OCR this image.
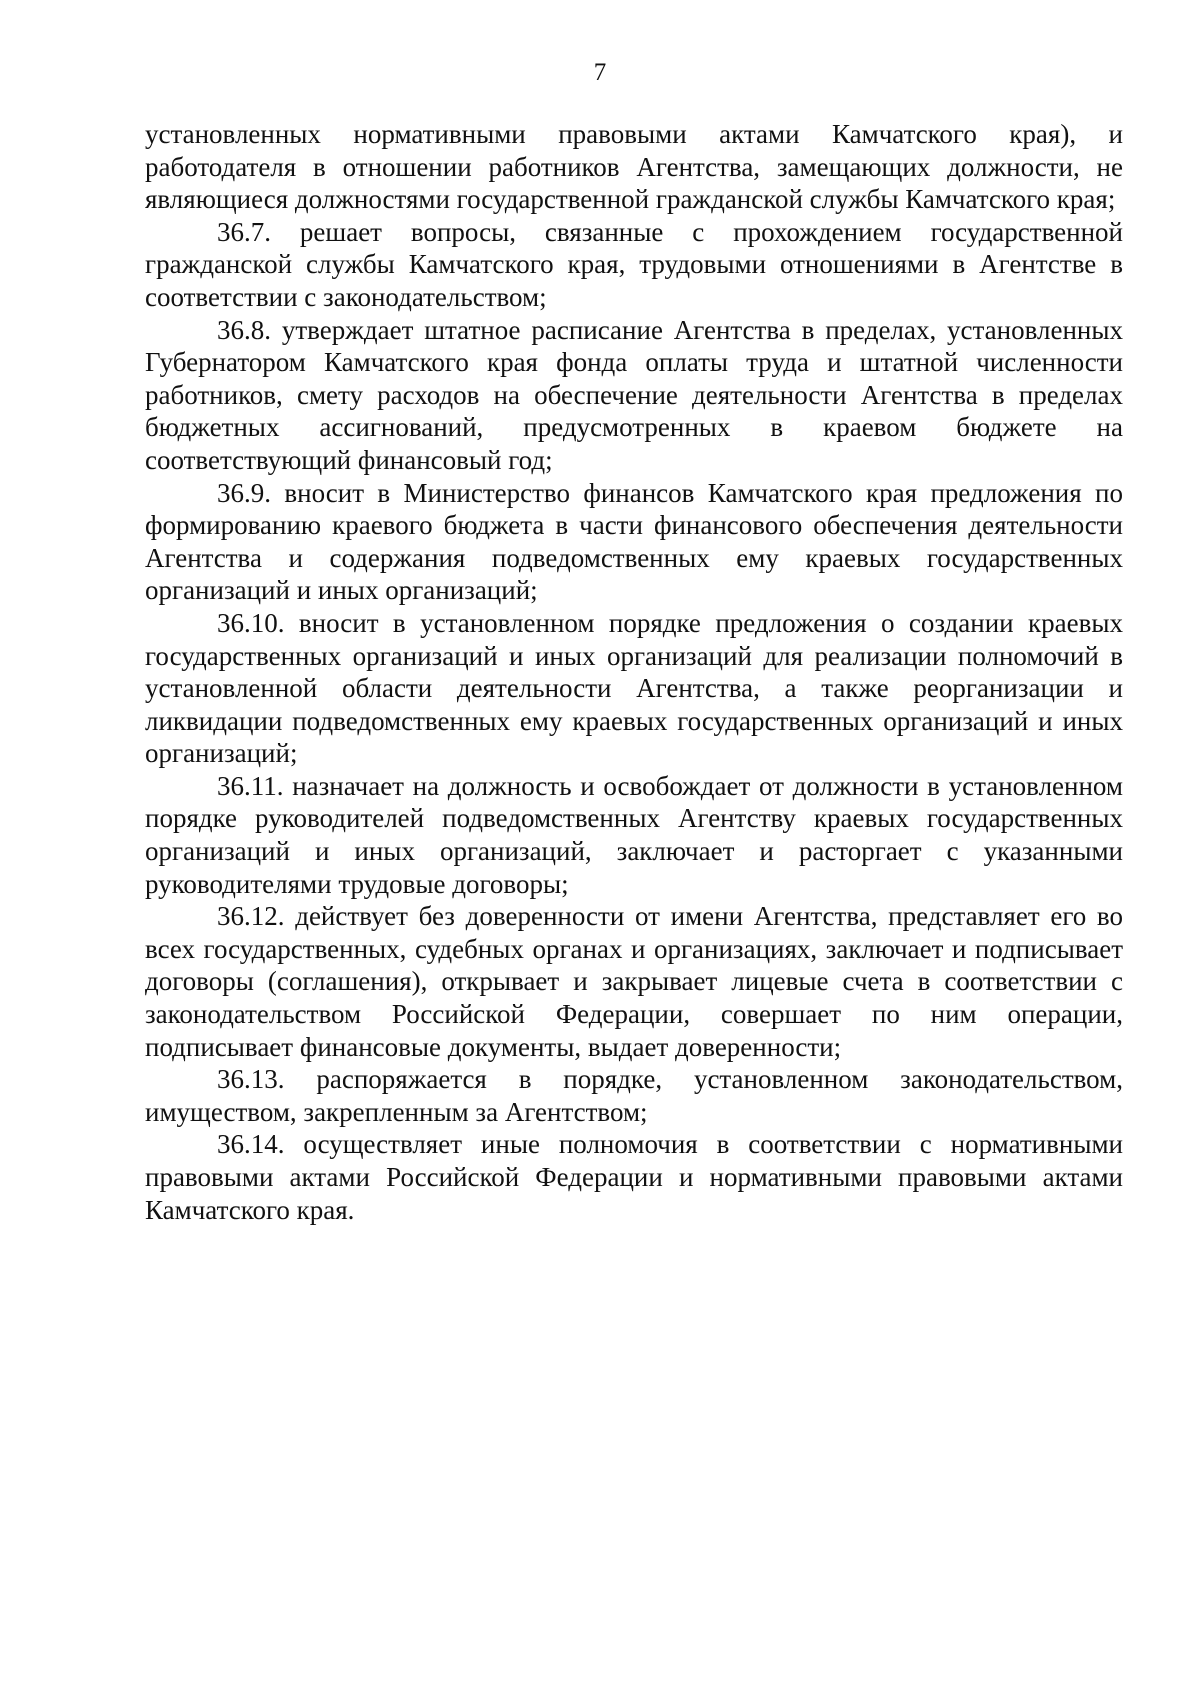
7

установленных нормативными правовыми актами Камчатского края), и работодателя в отношении работников Агентства, замещающих должности, не являющиеся должностями государственной гражданской службы Камчатского края;

36.7. решает вопросы, связанные с прохождением государственной гражданской службы Камчатского края, трудовыми отношениями в Агентстве в соответствии с законодательством;

36.8. утверждает штатное расписание Агентства в пределах, установленных Губернатором Камчатского края фонда оплаты труда и штатной численности работников, смету расходов на обеспечение деятельности Агентства в пределах бюджетных ассигнований, предусмотренных в краевом бюджете на соответствующий финансовый год;

36.9. вносит в Министерство финансов Камчатского края предложения по формированию краевого бюджета в части финансового обеспечения деятельности Агентства и содержания подведомственных ему краевых государственных организаций и иных организаций;

36.10. вносит в установленном порядке предложения о создании краевых государственных организаций и иных организаций для реализации полномочий в установленной области деятельности Агентства, а также реорганизации и ликвидации подведомственных ему краевых государственных организаций и иных организаций;

36.11. назначает на должность и освобождает от должности в установленном порядке руководителей подведомственных Агентству краевых государственных организаций и иных организаций, заключает и расторгает с указанными руководителями трудовые договоры;

36.12. действует без доверенности от имени Агентства, представляет его во всех государственных, судебных органах и организациях, заключает и подписывает договоры (соглашения), открывает и закрывает лицевые счета в соответствии с законодательством Российской Федерации, совершает по ним операции, подписывает финансовые документы, выдает доверенности;

36.13. распоряжается в порядке, установленном законодательством, имуществом, закрепленным за Агентством;

36.14. осуществляет иные полномочия в соответствии с нормативными правовыми актами Российской Федерации и нормативными правовыми актами Камчатского края.
